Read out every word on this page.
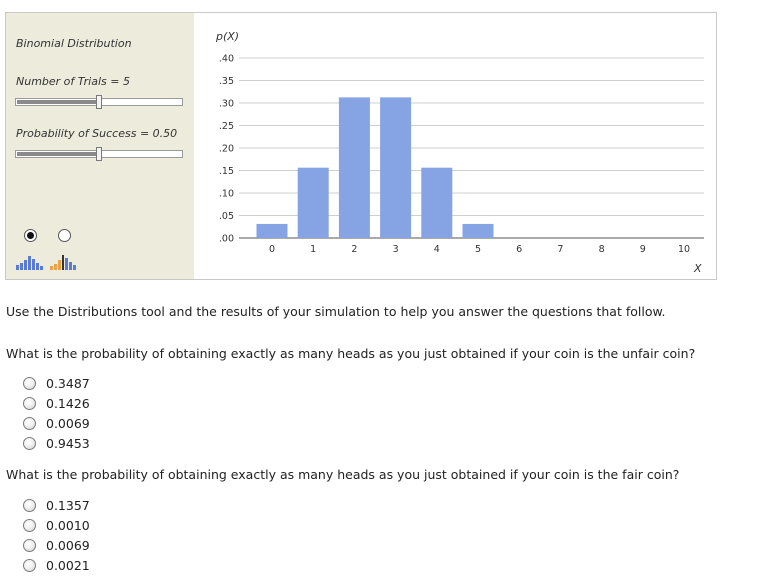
Binomial Distribution
Number of Trials = 5
Probability of Success = 0.50
.00
.05
.10
.15
.20
.25
.30
.35
.40
0	1	2	3	4	5	6	7	8	9	10
p(X)
X
Use the Distributions tool and the results of your simulation to help you answer the questions that follow.
What is the probability of obtaining exactly as many heads as you just obtained if your coin is the unfair coin?
0.3487
0.1426
0.0069
0.9453
What is the probability of obtaining exactly as many heads as you just obtained if your coin is the fair coin?
0.1357
0.0010
0.0069
0.0021
